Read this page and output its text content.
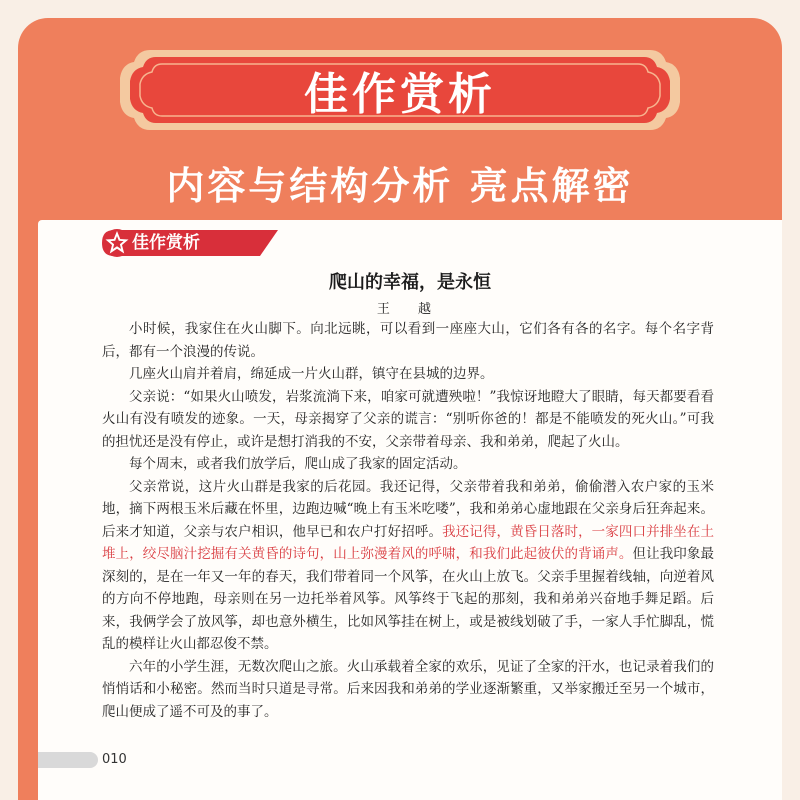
佳作赏析
内容与结构分析 亮点解密
佳作赏析
爬山的幸福，是永恒
王 越

小时候，我家住在火山脚下。向北远眺，可以看到一座座大山，它们各有各的名字。每个名字背后，都有一个浪漫的传说。

几座火山肩并着肩，绵延成一片火山群，镇守在县城的边界。

父亲说：“如果火山喷发，岩浆流淌下来，咱家可就遭殃啦！”我惊讶地瞪大了眼睛，每天都要看看火山有没有喷发的迹象。一天，母亲揭穿了父亲的谎言：“别听你爸的！都是不能喷发的死火山。”可我的担忧还是没有停止，或许是想打消我的不安，父亲带着母亲、我和弟弟，爬起了火山。

每个周末，或者我们放学后，爬山成了我家的固定活动。

父亲常说，这片火山群是我家的后花园。我还记得，父亲带着我和弟弟，偷偷潜入农户家的玉米地，摘下两根玉米后藏在怀里，边跑边喊“晚上有玉米吃喽”，我和弟弟心虚地跟在父亲身后狂奔起来。后来才知道，父亲与农户相识，他早已和农户打好招呼。我还记得，黄昏日落时，一家四口并排坐在土堆上，绞尽脑汁挖掘有关黄昏的诗句，山上弥漫着风的呼啸，和我们此起彼伏的背诵声。但让我印象最深刻的，是在一年又一年的春天，我们带着同一个风筝，在火山上放飞。父亲手里握着线轴，向逆着风的方向不停地跑，母亲则在另一边托举着风筝。风筝终于飞起的那刻，我和弟弟兴奋地手舞足蹈。后来，我俩学会了放风筝，却也意外横生，比如风筝挂在树上，或是被线划破了手，一家人手忙脚乱，慌乱的模样让火山都忍俊不禁。

六年的小学生涯，无数次爬山之旅。火山承载着全家的欢乐，见证了全家的汗水，也记录着我们的悄悄话和小秘密。然而当时只道是寻常。后来因我和弟弟的学业逐渐繁重，又举家搬迁至另一个城市，爬山便成了遥不可及的事了。

010
